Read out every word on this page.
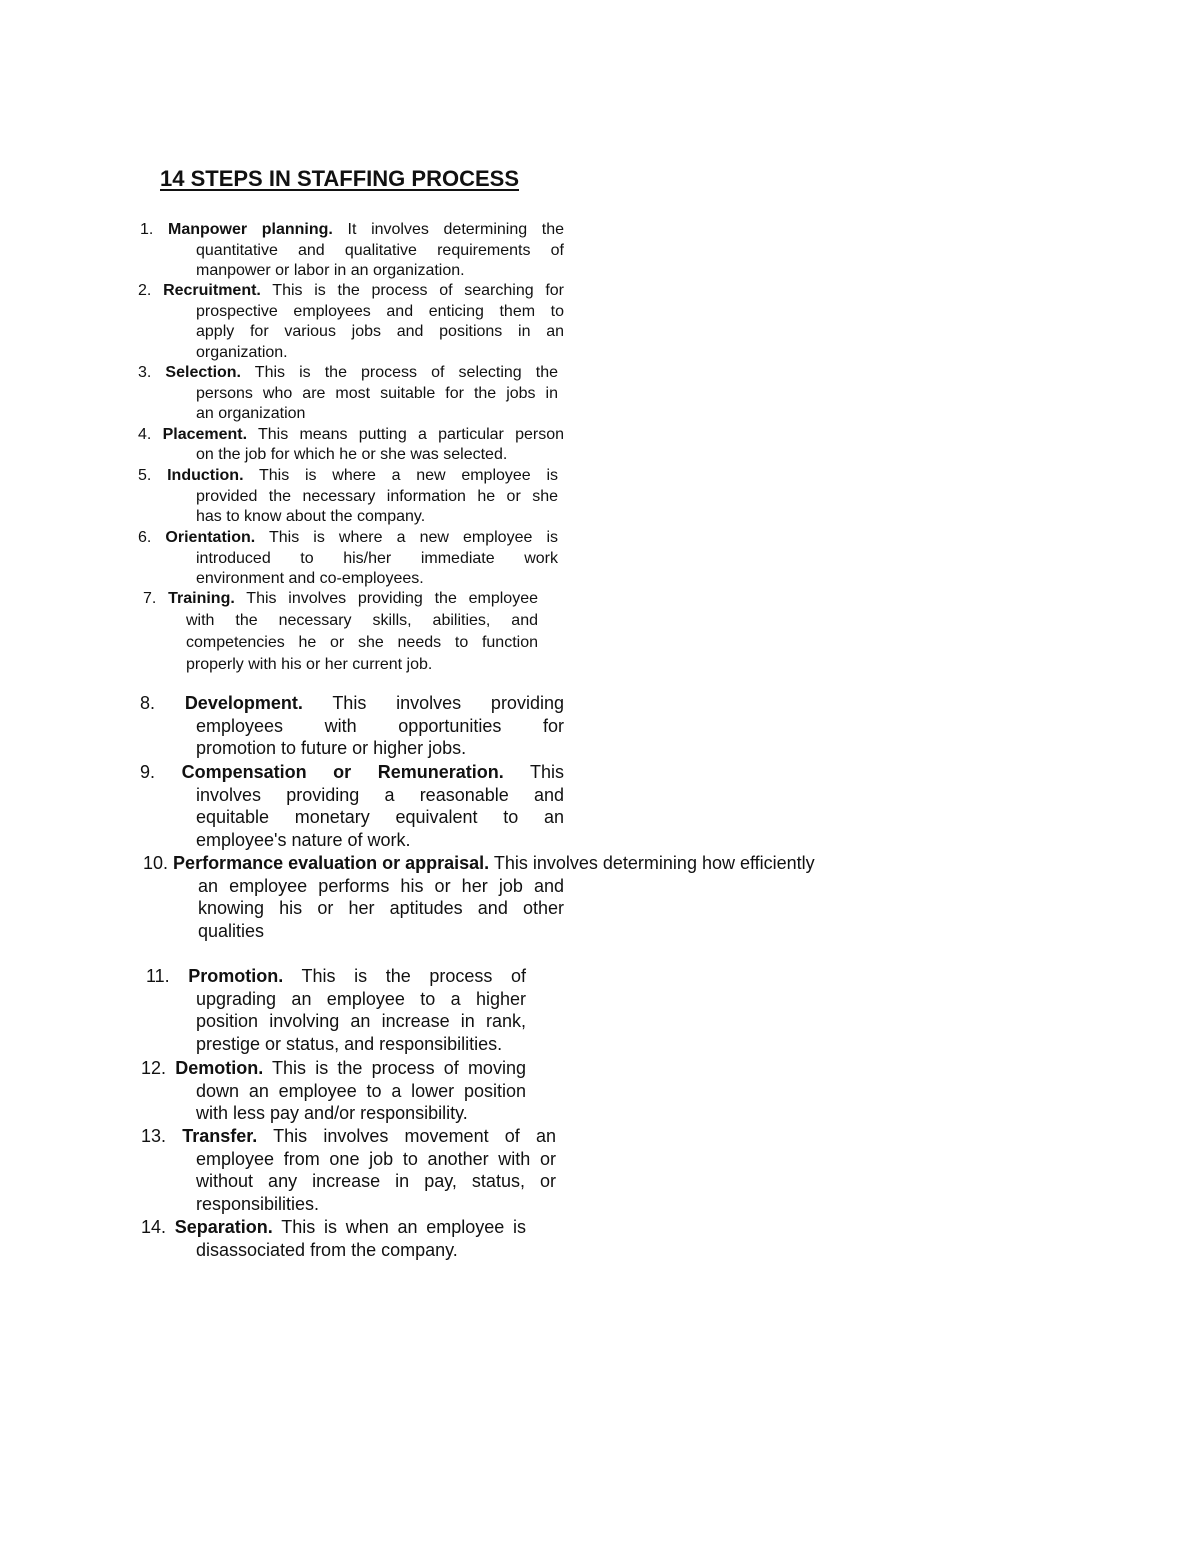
14 STEPS IN STAFFING PROCESS
1. Manpower planning. It involves determining the
quantitative and qualitative requirements of
manpower or labor in an organization.
2. Recruitment. This is the process of searching for
prospective employees and enticing them to
apply for various jobs and positions in an
organization.
3. Selection. This is the process of selecting the
persons who are most suitable for the jobs in
an organization
4. Placement. This means putting a particular person
on the job for which he or she was selected.
5. Induction. This is where a new employee is
provided the necessary information he or she
has to know about the company.
6. Orientation. This is where a new employee is
introduced to his/her immediate work
environment and co-employees.
7. Training. This involves providing the employee
with the necessary skills, abilities, and
competencies he or she needs to function
properly with his or her current job.
8. Development. This involves providing
employees with opportunities for
promotion to future or higher jobs.
9. Compensation or Remuneration. This
involves providing a reasonable and
equitable monetary equivalent to an
employee's nature of work.
10. Performance evaluation or appraisal. This involves determining how efficiently
an employee performs his or her job and
knowing his or her aptitudes and other
qualities
11. Promotion. This is the process of
upgrading an employee to a higher
position involving an increase in rank,
prestige or status, and responsibilities.
12. Demotion. This is the process of moving
down an employee to a lower position
with less pay and/or responsibility.
13. Transfer. This involves movement of an
employee from one job to another with or
without any increase in pay, status, or
responsibilities.
14. Separation. This is when an employee is
disassociated from the company.
